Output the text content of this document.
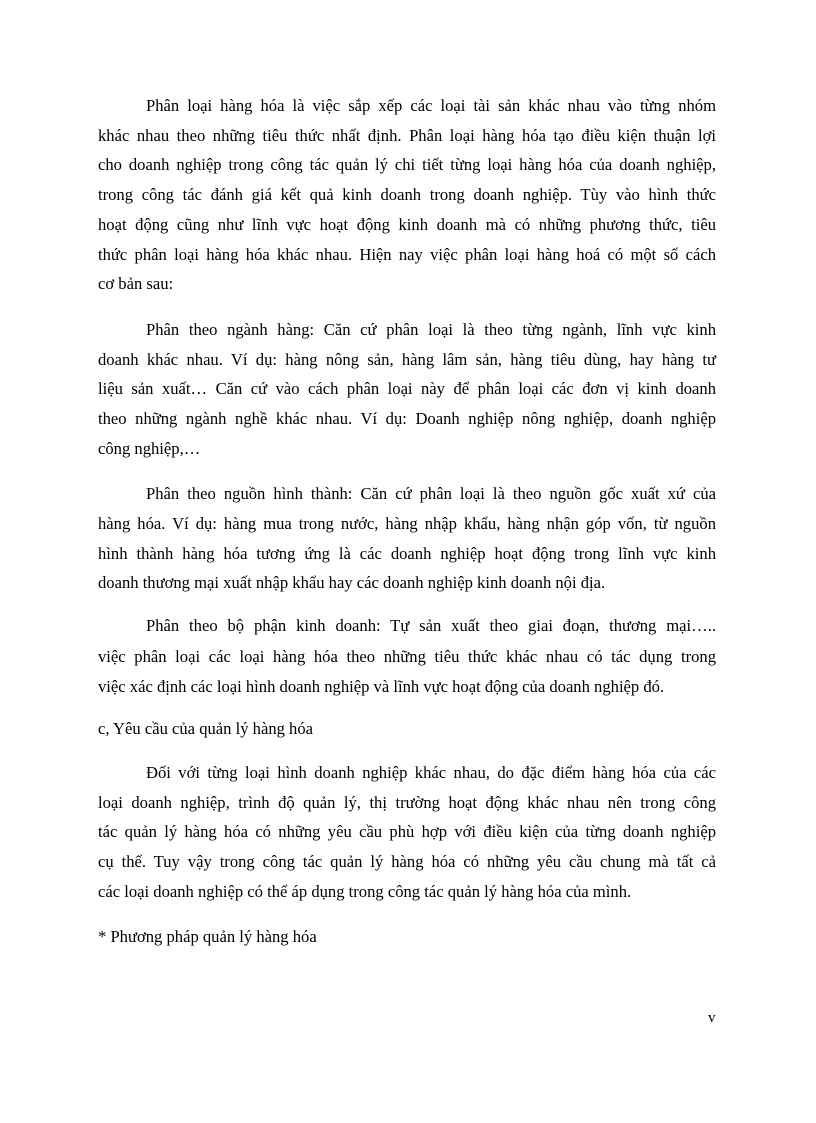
Phân loại hàng hóa là việc sắp xếp các loại tài sản khác nhau vào từng nhóm
khác nhau theo những tiêu thức nhất định. Phân loại hàng hóa tạo điều kiện thuận lợi
cho doanh nghiệp trong công tác quản lý chi tiết từng loại hàng hóa của doanh nghiệp,
trong công tác đánh giá kết quả kinh doanh trong doanh nghiệp. Tùy vào hình thức
hoạt động cũng như lĩnh vực hoạt động kinh doanh mà có những phương thức, tiêu
thức phân loại hàng hóa khác nhau. Hiện nay việc phân loại hàng hoá có một số cách
cơ bản sau:
Phân theo ngành hàng: Căn cứ phân loại là theo từng ngành, lĩnh vực kinh
doanh khác nhau. Ví dụ: hàng nông sản, hàng lâm sản, hàng tiêu dùng, hay hàng tư
liệu sản xuất… Căn cứ vào cách phân loại này để phân loại các đơn vị kinh doanh
theo những ngành nghề khác nhau. Ví dụ: Doanh nghiệp nông nghiệp, doanh nghiệp
công nghiệp,…
Phân theo nguồn hình thành: Căn cứ phân loại là theo nguồn gốc xuất xứ của
hàng hóa. Ví dụ: hàng mua trong nước, hàng nhập khẩu, hàng nhận góp vốn, từ nguồn
hình thành hàng hóa tương ứng là các doanh nghiệp hoạt động trong lĩnh vực kinh
doanh thương mại xuất nhập khẩu hay các doanh nghiệp kinh doanh nội địa.
Phân theo bộ phận kinh doanh: Tự sản xuất theo giai đoạn, thương mại…..
việc phân loại các loại hàng hóa theo những tiêu thức khác nhau có tác dụng trong
việc xác định các loại hình doanh nghiệp và lĩnh vực hoạt động của doanh nghiệp đó.
c, Yêu cầu của quản lý hàng hóa
Đối với từng loại hình doanh nghiệp khác nhau, do đặc điểm hàng hóa của các
loại doanh nghiệp, trình độ quản lý, thị trường hoạt động khác nhau nên trong công
tác quản lý hàng hóa có những yêu cầu phù hợp với điều kiện của từng doanh nghiệp
cụ thể. Tuy vậy trong công tác quản lý hàng hóa có những yêu cầu chung mà tất cả
các loại doanh nghiệp có thể áp dụng trong công tác quản lý hàng hóa của mình.
* Phương pháp quản lý hàng hóa
v
